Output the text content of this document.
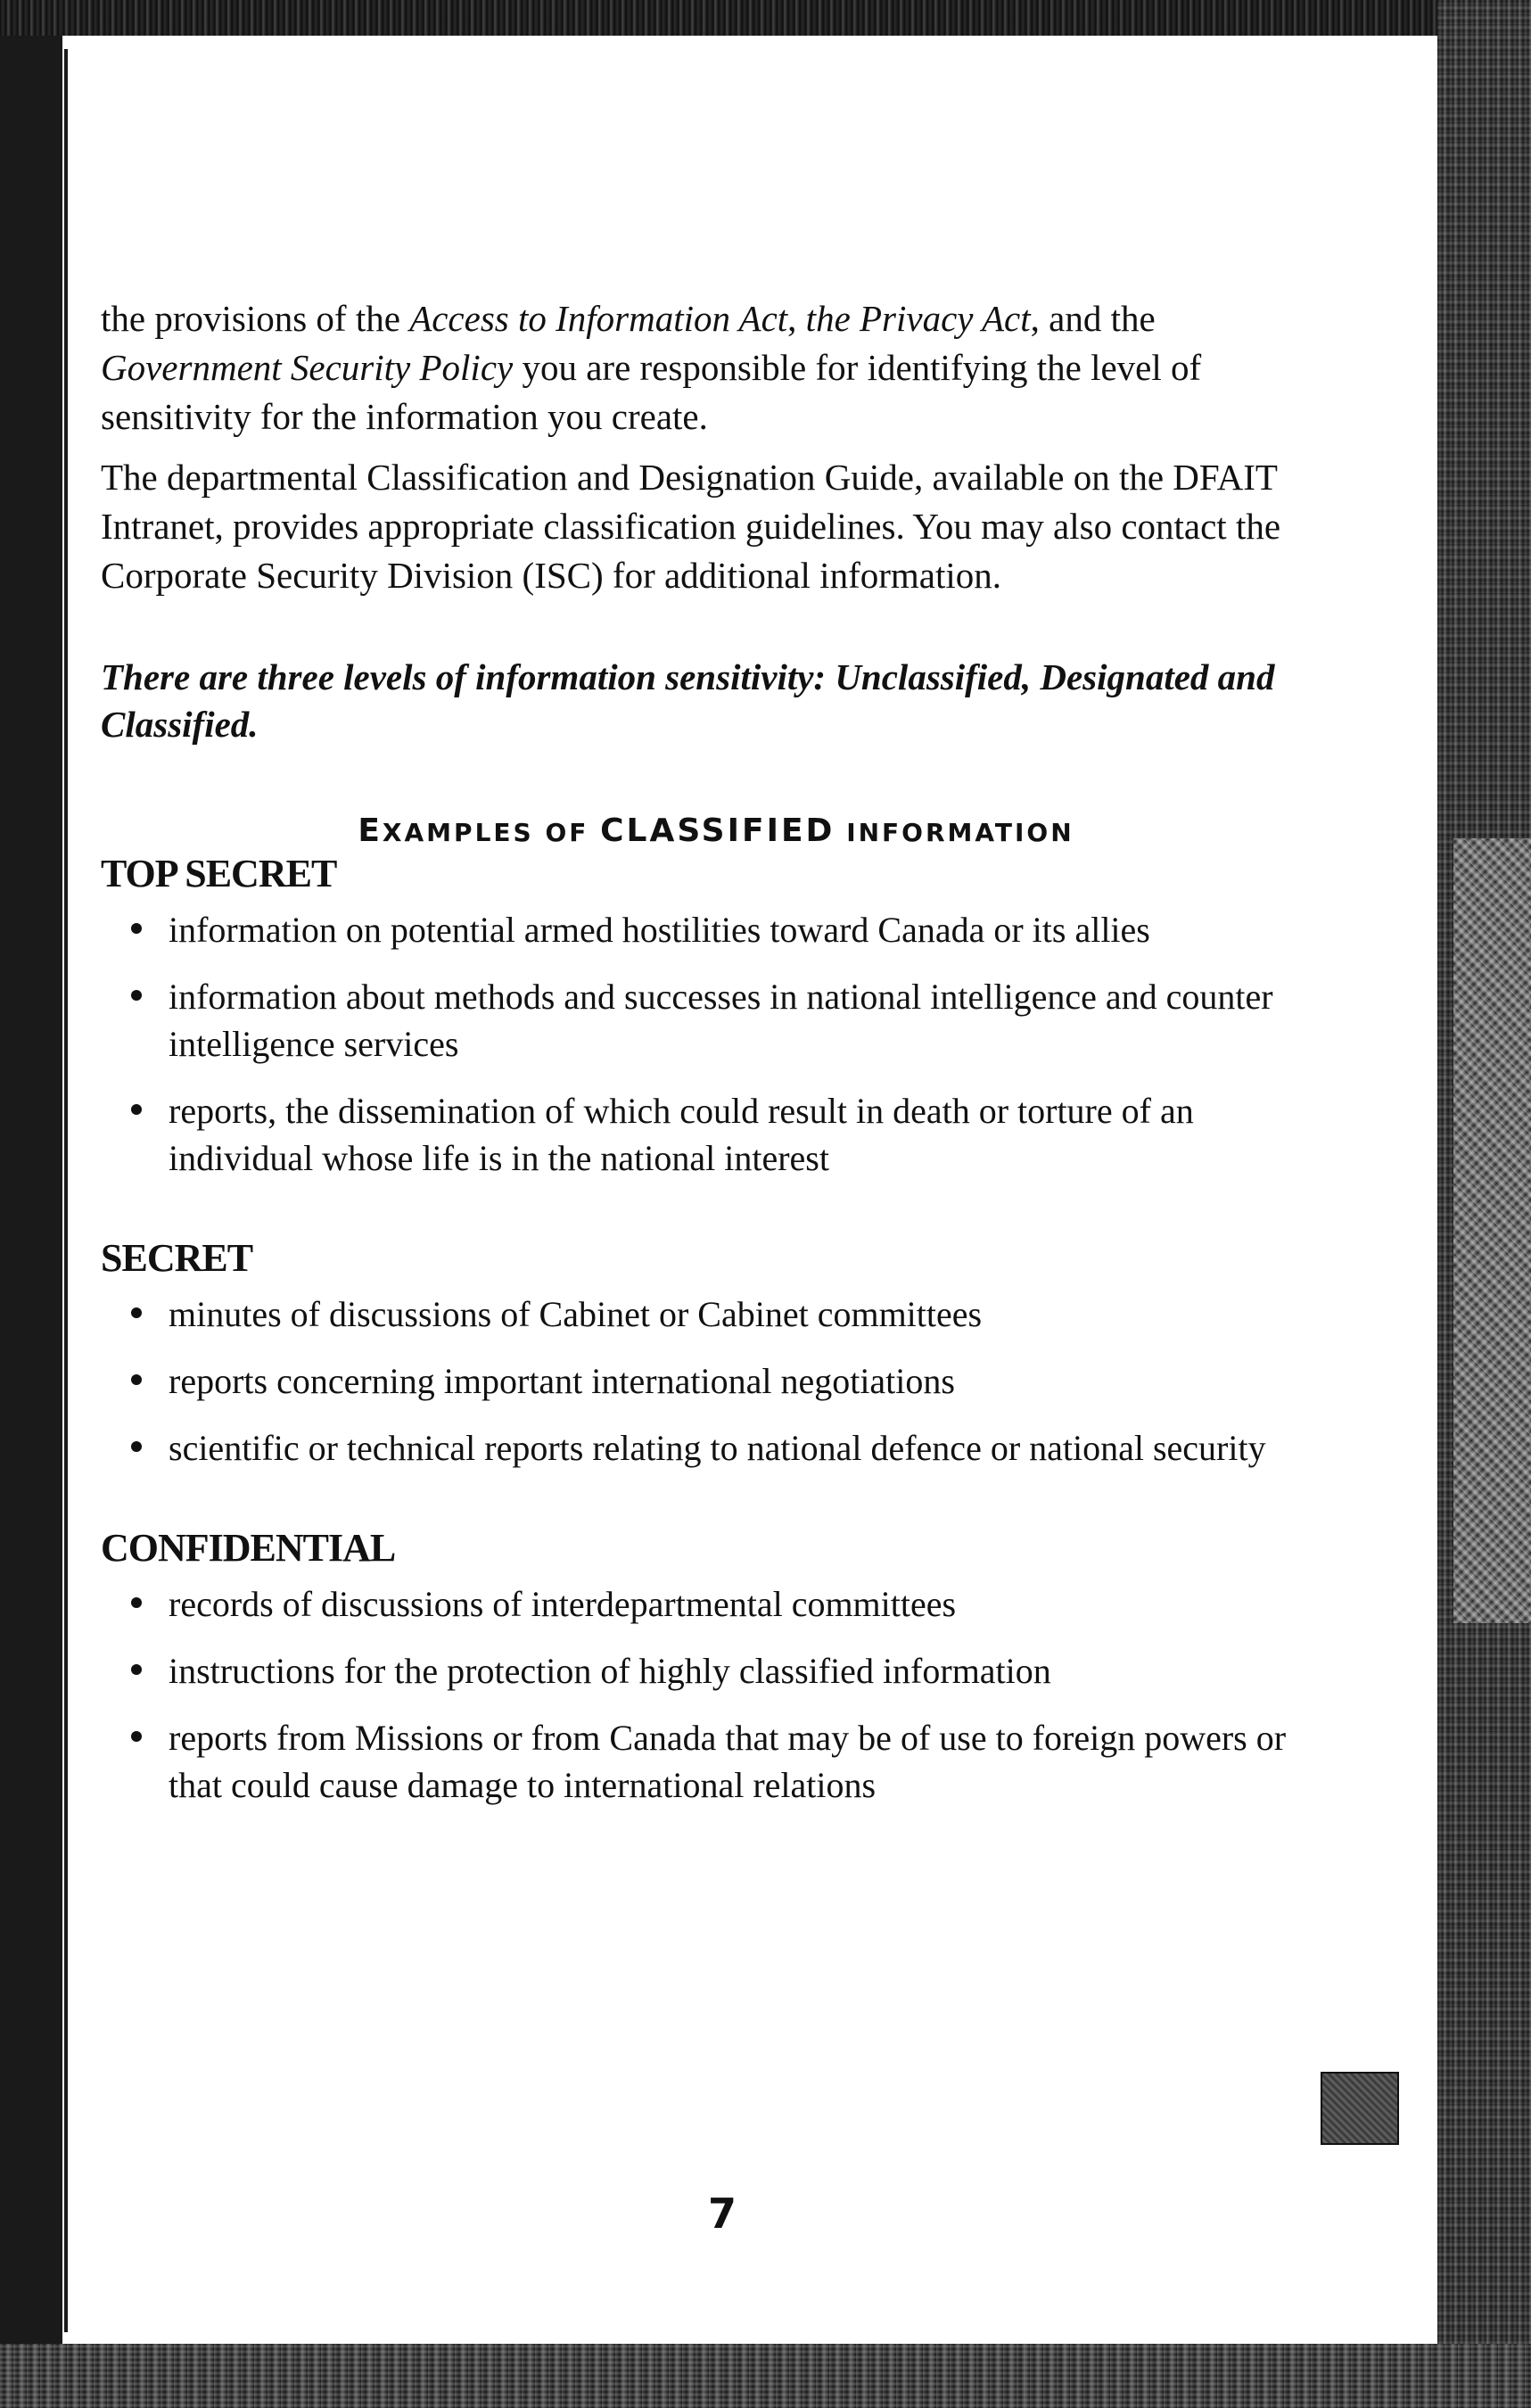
the provisions of the Access to Information Act, the Privacy Act, and the Government Security Policy you are responsible for identifying the level of sensitivity for the information you create.

The departmental Classification and Designation Guide, available on the DFAIT Intranet, provides appropriate classification guidelines. You may also contact the Corporate Security Division (ISC) for additional information.

There are three levels of information sensitivity: Unclassified, Designated and Classified.

EXAMPLES OF CLASSIFIED INFORMATION
TOP SECRET
information on potential armed hostilities toward Canada or its allies
information about methods and successes in national intelligence and counter intelligence services
reports, the dissemination of which could result in death or torture of an individual whose life is in the national interest
SECRET
minutes of discussions of Cabinet or Cabinet committees
reports concerning important international negotiations
scientific or technical reports relating to national defence or national security
CONFIDENTIAL
records of discussions of interdepartmental committees
instructions for the protection of highly classified information
reports from Missions or from Canada that may be of use to foreign powers or that could cause damage to international relations
7
